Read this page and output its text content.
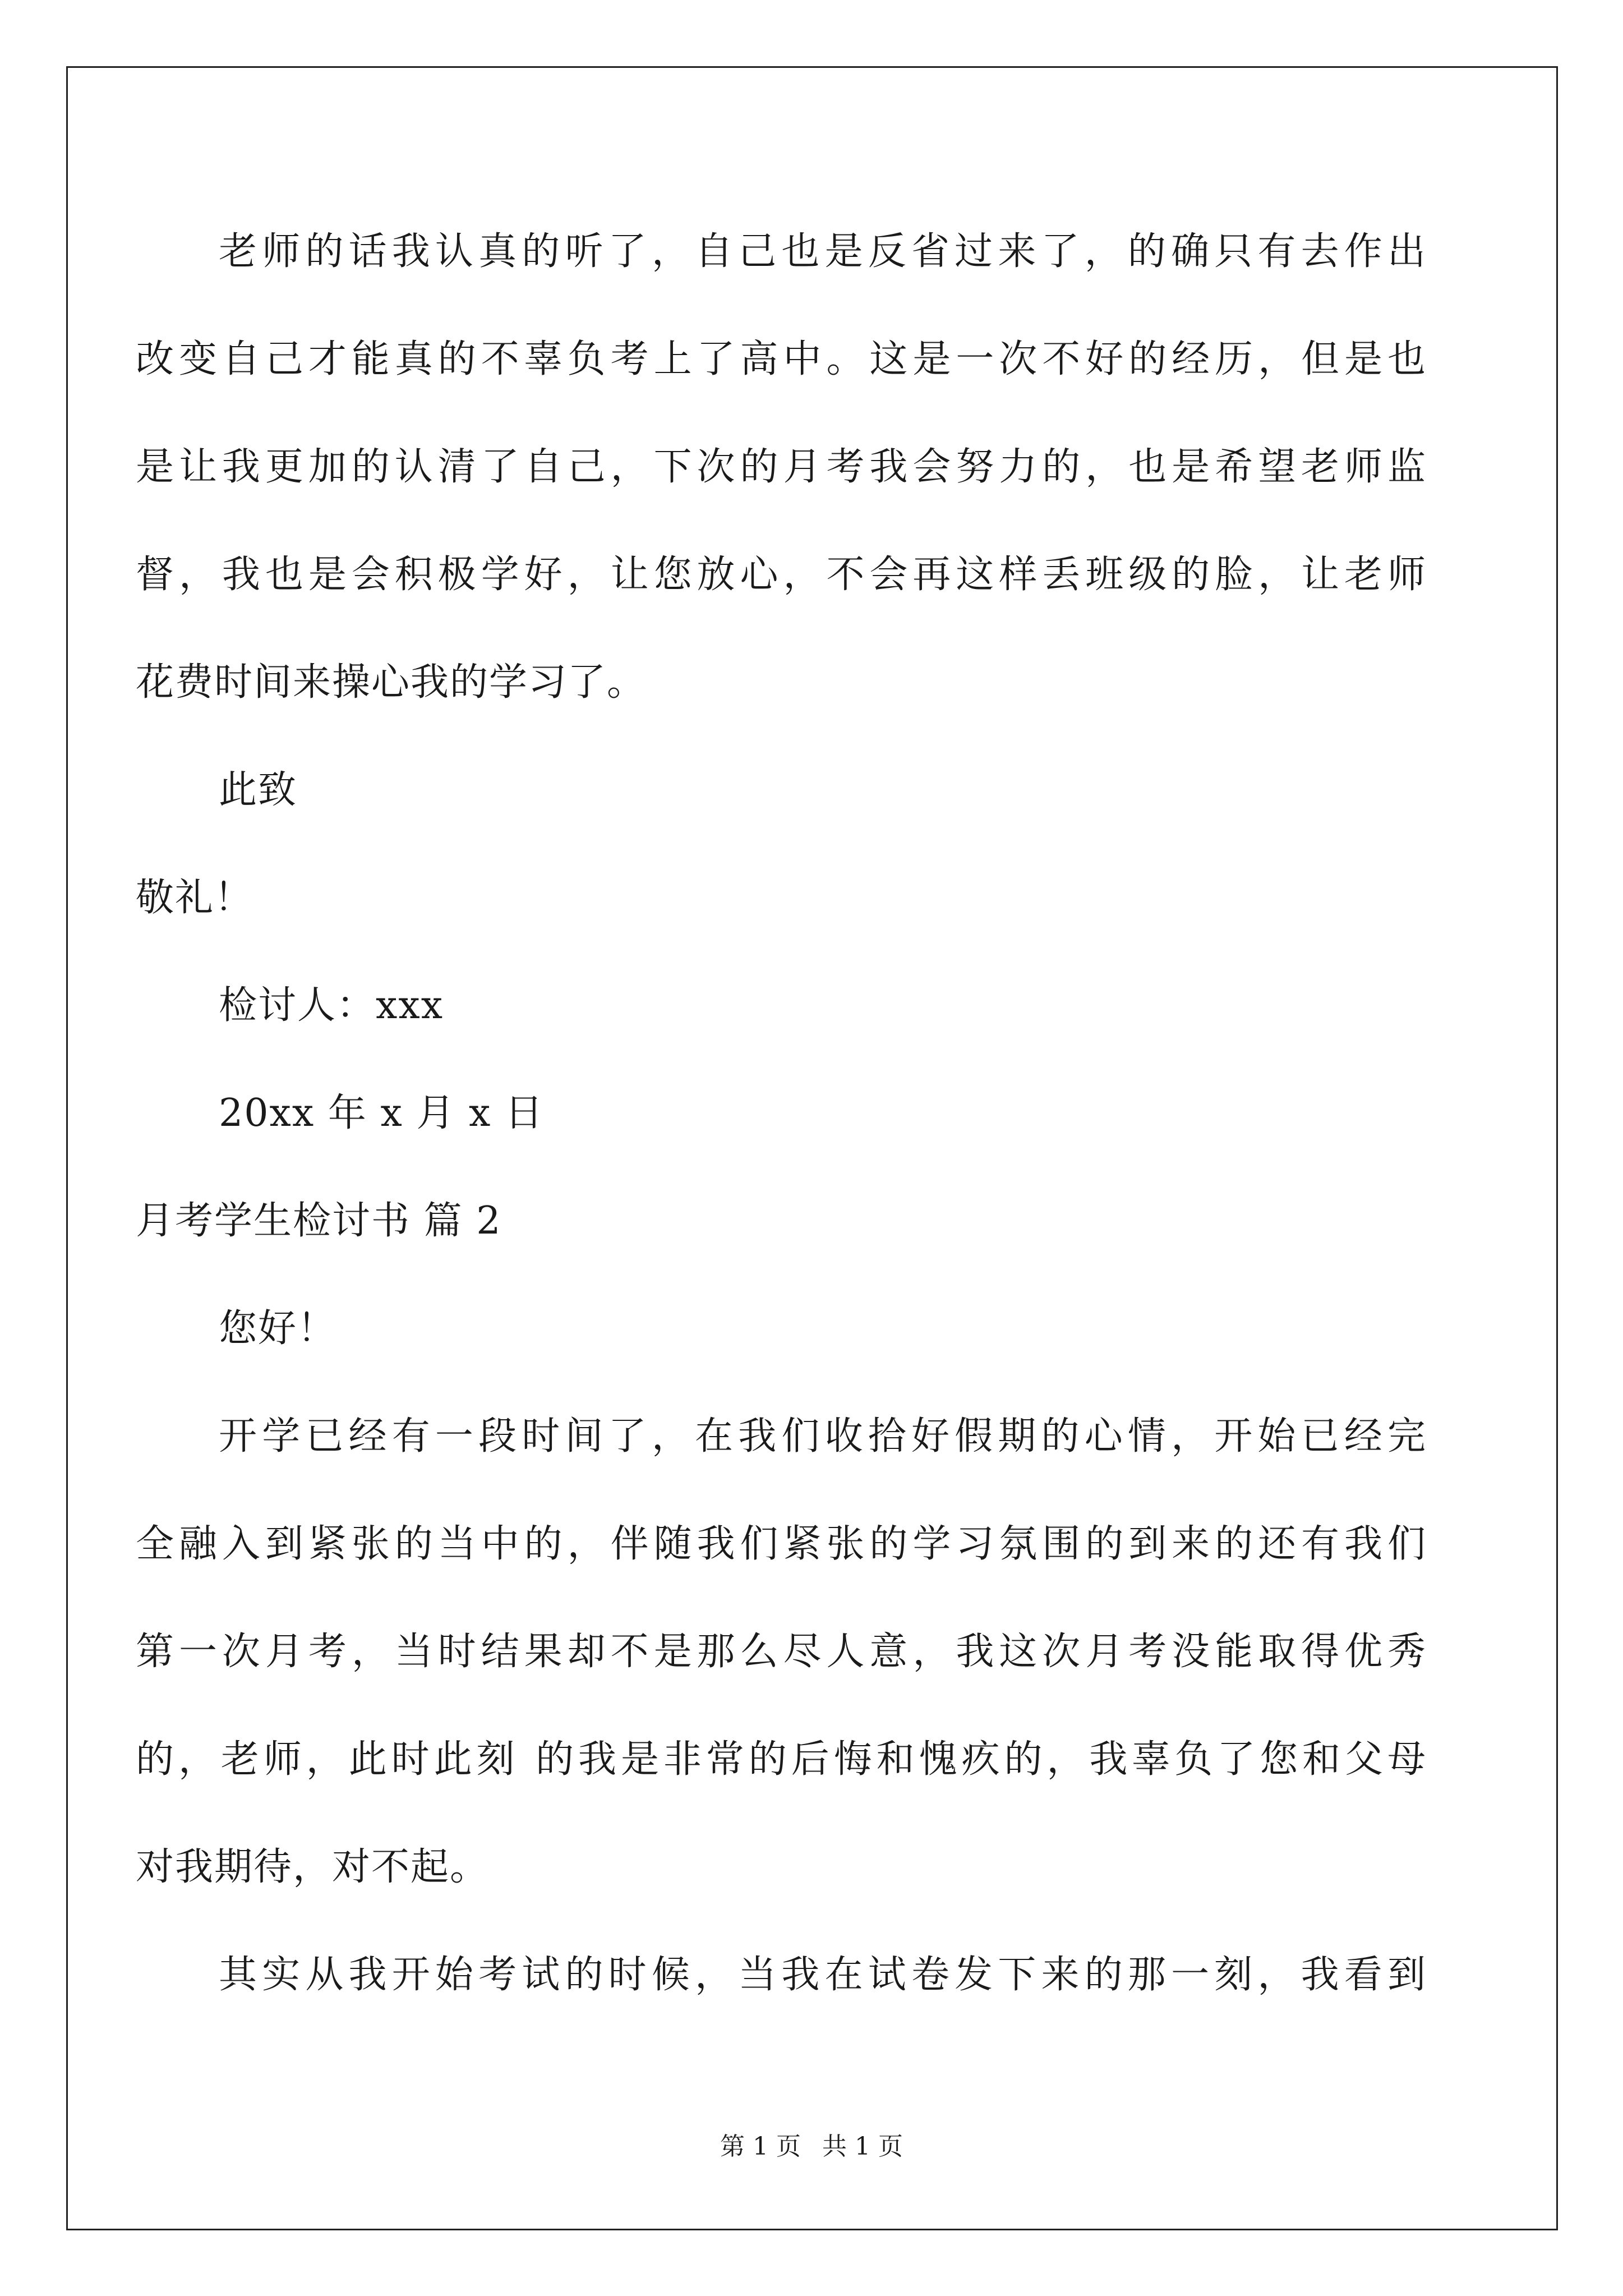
老师的话我认真的听了，自己也是反省过来了，的确只有去作出
改变自己才能真的不辜负考上了高中。这是一次不好的经历，但是也
是让我更加的认清了自己，下次的月考我会努力的，也是希望老师监
督，我也是会积极学好，让您放心，不会再这样丢班级的脸，让老师
花费时间来操心我的学习了。
此致
敬礼！
检讨人：xxx
20xx 年 x 月 x 日
月考学生检讨书 篇 2
您好！
开学已经有一段时间了，在我们收拾好假期的心情，开始已经完
全融入到紧张的当中的，伴随我们紧张的学习氛围的到来的还有我们
第一次月考，当时结果却不是那么尽人意，我这次月考没能取得优秀
的，老师，此时此刻 的我是非常的后悔和愧疚的，我辜负了您和父母
对我期待，对不起。
其实从我开始考试的时候，当我在试卷发下来的那一刻，我看到
第 1 页 共 1 页
